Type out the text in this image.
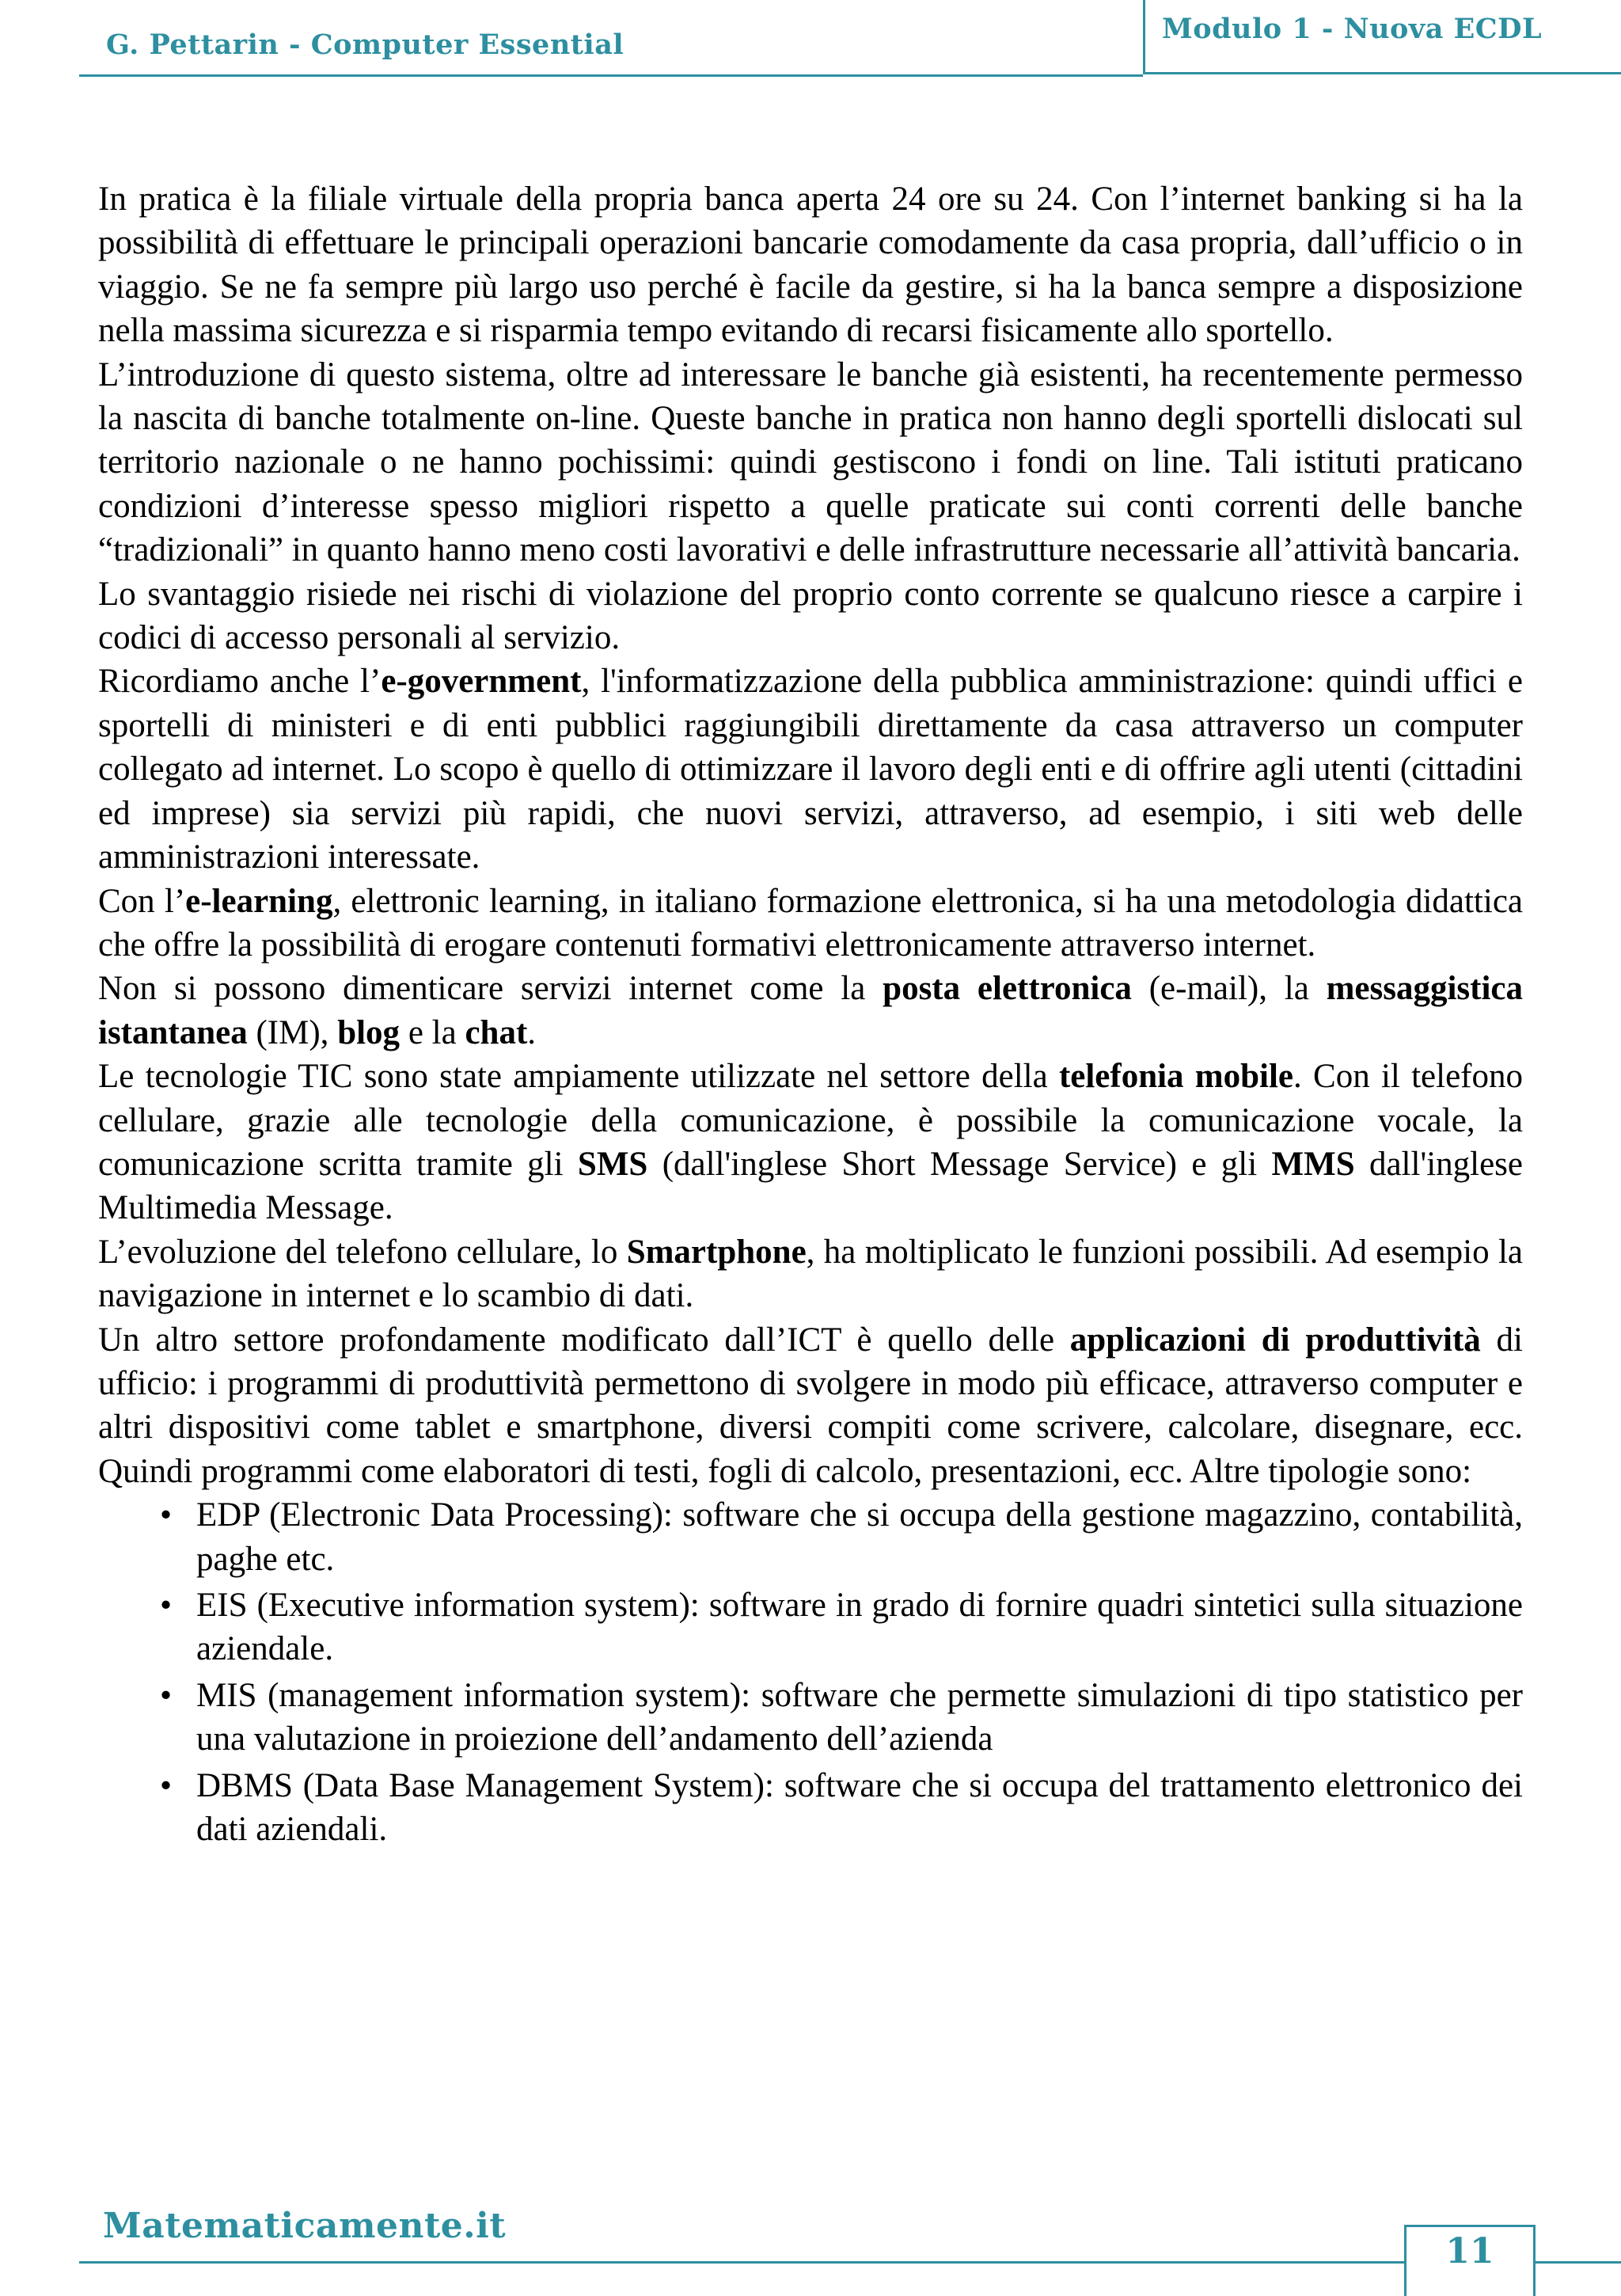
G. Pettarin - Computer Essential	Modulo 1 - Nuova ECDL

In pratica è la filiale virtuale della propria banca aperta 24 ore su 24. Con l’internet banking si ha la possibilità di effettuare le principali operazioni bancarie comodamente da casa propria, dall’ufficio o in viaggio. Se ne fa sempre più largo uso perché è facile da gestire, si ha la banca sempre a disposizione nella massima sicurezza e si risparmia tempo evitando di recarsi fisicamente allo sportello.

L’introduzione di questo sistema, oltre ad interessare le banche già esistenti, ha recentemente permesso la nascita di banche totalmente on-line. Queste banche in pratica non hanno degli sportelli dislocati sul territorio nazionale o ne hanno pochissimi: quindi gestiscono i fondi on line. Tali istituti praticano condizioni d’interesse spesso migliori rispetto a quelle praticate sui conti correnti delle banche “tradizionali” in quanto hanno meno costi lavorativi e delle infrastrutture necessarie all’attività bancaria.

Lo svantaggio risiede nei rischi di violazione del proprio conto corrente se qualcuno riesce a carpire i codici di accesso personali al servizio.

Ricordiamo anche l’e-government, l'informatizzazione della pubblica amministrazione: quindi uffici e sportelli di ministeri e di enti pubblici raggiungibili direttamente da casa attraverso un computer collegato ad internet. Lo scopo è quello di ottimizzare il lavoro degli enti e di offrire agli utenti (cittadini ed imprese) sia servizi più rapidi, che nuovi servizi, attraverso, ad esempio, i siti web delle amministrazioni interessate.

Con l’e-learning, elettronic learning, in italiano formazione elettronica, si ha una metodologia didattica che offre la possibilità di erogare contenuti formativi elettronicamente attraverso internet.

Non si possono dimenticare servizi internet come la posta elettronica (e-mail), la messaggistica istantanea (IM), blog e la chat.

Le tecnologie TIC sono state ampiamente utilizzate nel settore della telefonia mobile. Con il telefono cellulare, grazie alle tecnologie della comunicazione, è possibile la comunicazione vocale, la comunicazione scritta tramite gli SMS (dall'inglese Short Message Service) e gli MMS dall'inglese Multimedia Message.

L’evoluzione del telefono cellulare, lo Smartphone, ha moltiplicato le funzioni possibili. Ad esempio la navigazione in internet e lo scambio di dati.

Un altro settore profondamente modificato dall’ICT è quello delle applicazioni di produttività di ufficio: i programmi di produttività permettono di svolgere in modo più efficace, attraverso computer e altri dispositivi come tablet e smartphone, diversi compiti come scrivere, calcolare, disegnare, ecc. Quindi programmi come elaboratori di testi, fogli di calcolo, presentazioni, ecc. Altre tipologie sono:

• EDP (Electronic Data Processing): software che si occupa della gestione magazzino, contabilità, paghe etc.
• EIS (Executive information system): software in grado di fornire quadri sintetici sulla situazione aziendale.
• MIS (management information system): software che permette simulazioni di tipo statistico per una valutazione in proiezione dell’andamento dell’azienda
• DBMS (Data Base Management System): software che si occupa del trattamento elettronico dei dati aziendali.
Matematicamente.it
11
